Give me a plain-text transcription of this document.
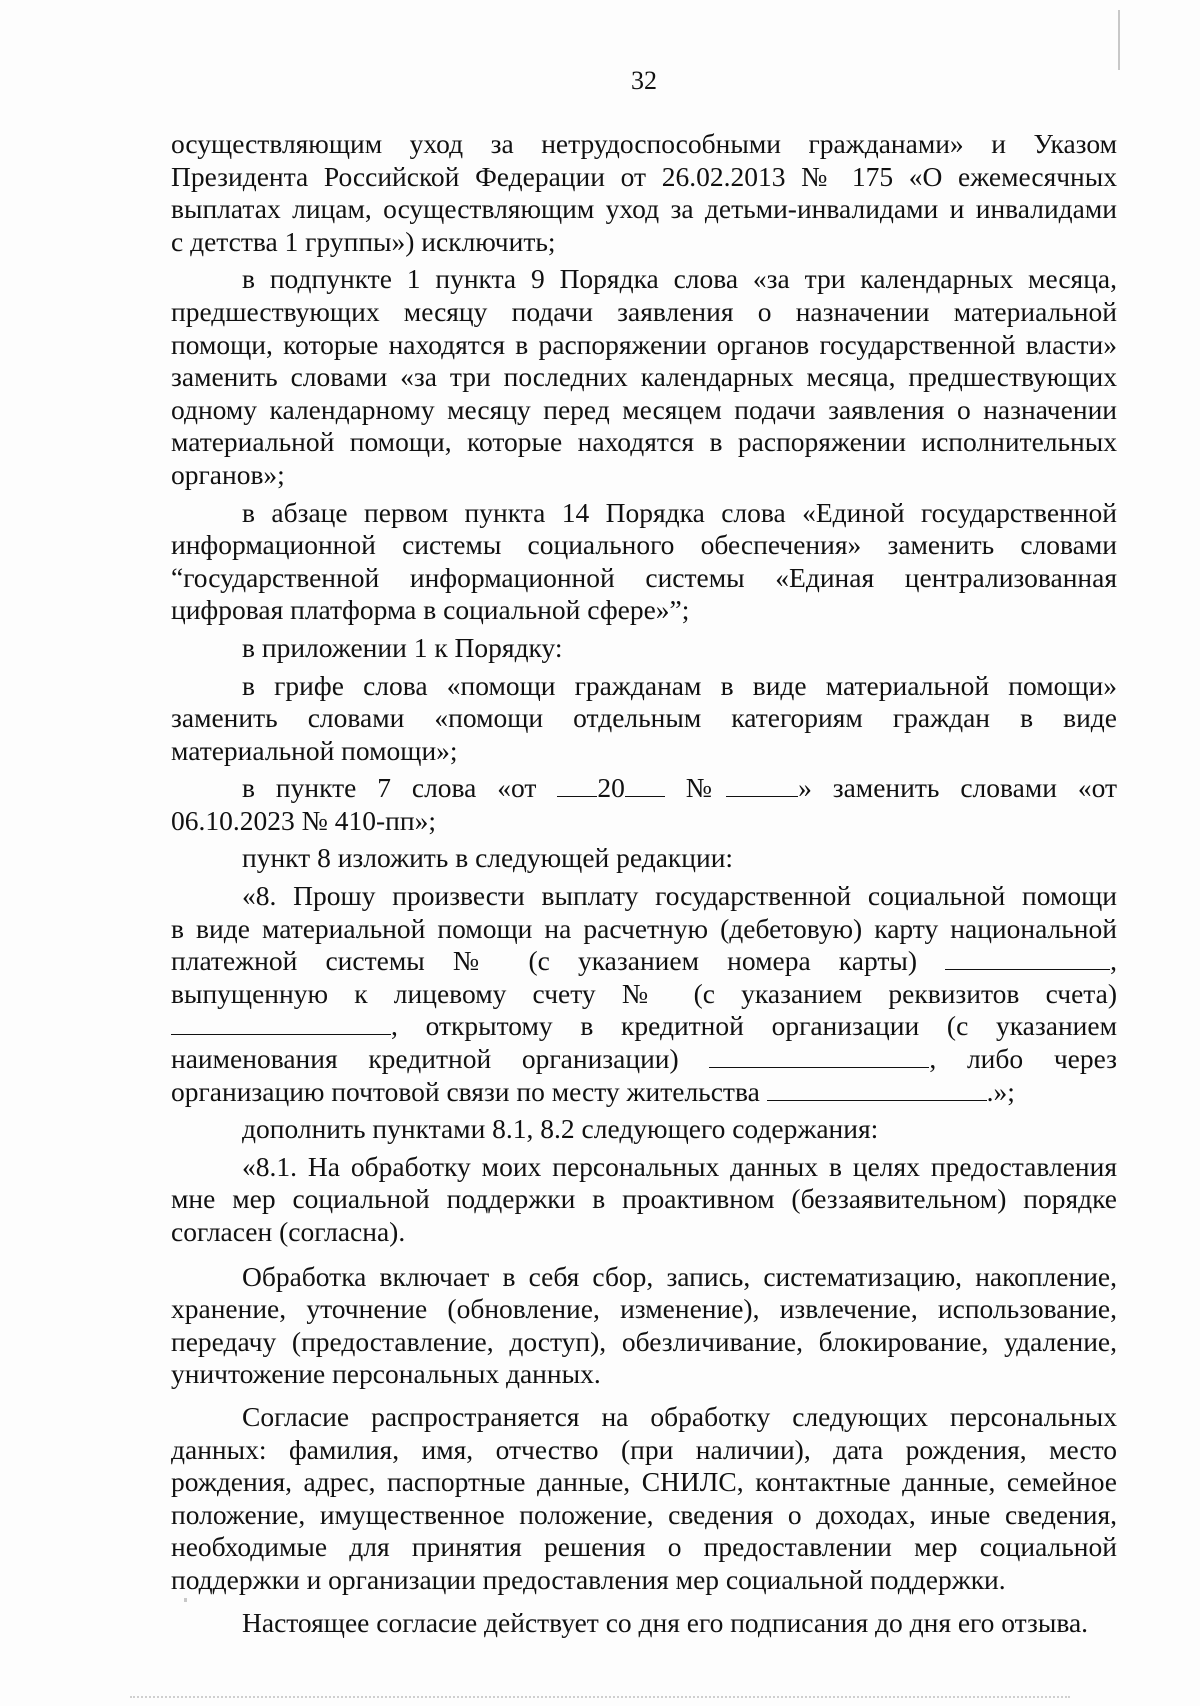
32
осуществляющим уход за нетрудоспособными гражданами» и Указом
Президента Российской Федерации от 26.02.2013 № 175 «О ежемесячных
выплатах лицам, осуществляющим уход за детьми-инвалидами и инвалидами
с детства 1 группы») исключить;
в подпункте 1 пункта 9 Порядка слова «за три календарных месяца,
предшествующих месяцу подачи заявления о назначении материальной
помощи, которые находятся в распоряжении органов государственной власти»
заменить словами «за три последних календарных месяца, предшествующих
одному календарному месяцу перед месяцем подачи заявления о назначении
материальной помощи, которые находятся в распоряжении исполнительных
органов»;
в абзаце первом пункта 14 Порядка слова «Единой государственной
информационной системы социального обеспечения» заменить словами
“государственной информационной системы «Единая централизованная
цифровая платформа в социальной сфере»”;
в приложении 1 к Порядку:
в грифе слова «помощи гражданам в виде материальной помощи»
заменить словами «помощи отдельным категориям граждан в виде
материальной помощи»;
в пункте 7 слова «от 20 №	» заменить словами «от
06.10.2023 № 410-пп»;
пункт 8 изложить в следующей редакции:
«8. Прошу произвести выплату государственной социальной помощи
в виде материальной помощи на расчетную (дебетовую) карту национальной
платежной системы № (с указанием номера карты)	,
выпущенную к лицевому счету № (с указанием реквизитов счета)
, открытому в кредитной организации (с указанием
наименования кредитной организации)	, либо через
организацию почтовой связи по месту жительства	.»;
дополнить пунктами 8.1, 8.2 следующего содержания:
«8.1. На обработку моих персональных данных в целях предоставления
мне мер социальной поддержки в проактивном (беззаявительном) порядке
согласен (согласна).
Обработка включает в себя сбор, запись, систематизацию, накопление,
хранение, уточнение (обновление, изменение), извлечение, использование,
передачу (предоставление, доступ), обезличивание, блокирование, удаление,
уничтожение персональных данных.
Согласие распространяется на обработку следующих персональных
данных: фамилия, имя, отчество (при наличии), дата рождения, место
рождения, адрес, паспортные данные, СНИЛС, контактные данные, семейное
положение, имущественное положение, сведения о доходах, иные сведения,
необходимые для принятия решения о предоставлении мер социальной
поддержки и организации предоставления мер социальной поддержки.
Настоящее согласие действует со дня его подписания до дня его отзыва.
